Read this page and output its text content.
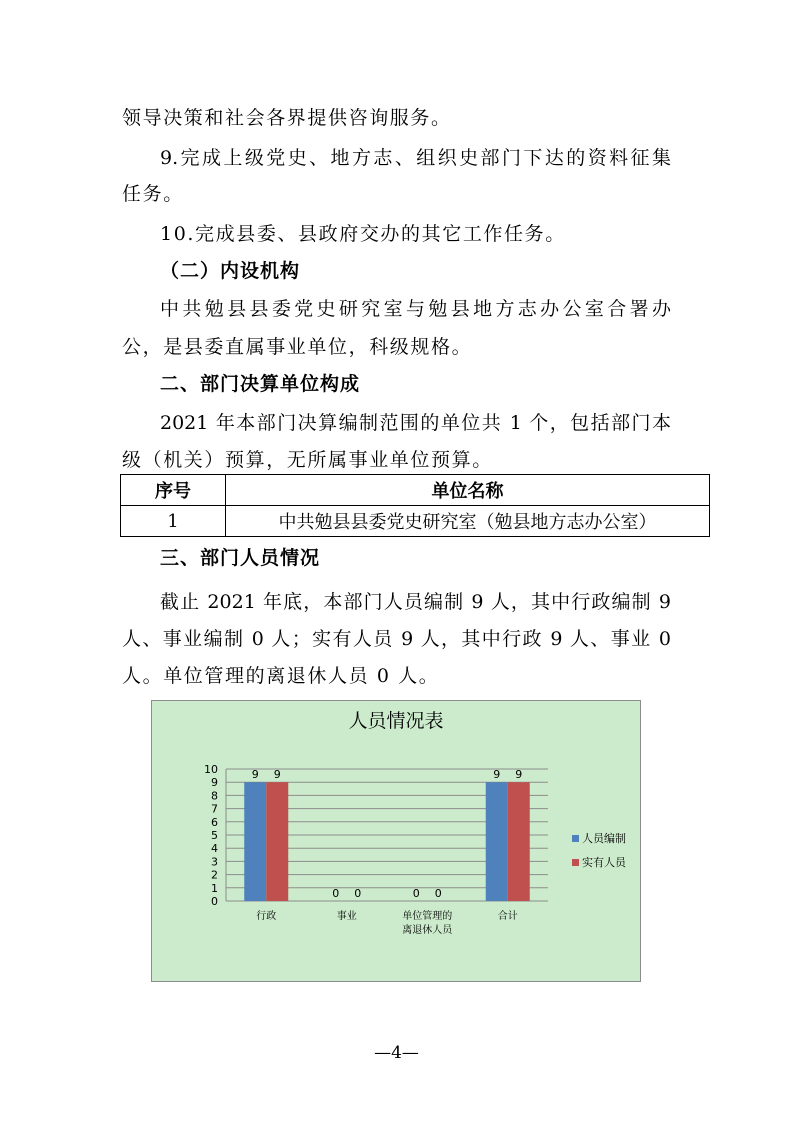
领导决策和社会各界提供咨询服务。
9.完成上级党史、地方志、组织史部门下达的资料征集
任务。
10.完成县委、县政府交办的其它工作任务。
（二）内设机构
中共勉县县委党史研究室与勉县地方志办公室合署办
公，是县委直属事业单位，科级规格。
二、部门决算单位构成
2021 年本部门决算编制范围的单位共 1 个，包括部门本
级（机关）预算，无所属事业单位预算。
序号	单位名称
1	中共勉县县委党史研究室（勉县地方志办公室）
三、部门人员情况
截止 2021 年底，本部门人员编制 9 人，其中行政编制 9
人、事业编制 0 人；实有人员 9 人，其中行政 9 人、事业 0
人。单位管理的离退休人员 0 人。
人员情况表
0
1
2
3
4
5
6
7
8
9
10	9 9
行政
0 0
事业
0 0
单位管理的
离退休人员
9 9
合计
人员编制
实有人员
—4—
